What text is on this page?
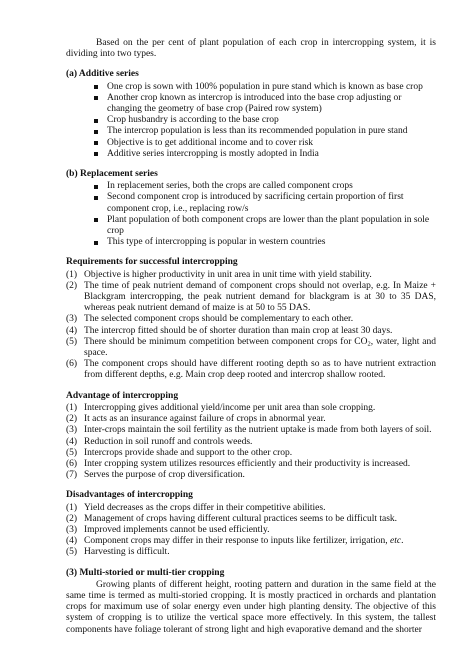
Based on the per cent of plant population of each crop in intercropping system, it is dividing into two types.

(a) Additive series
One crop is sown with 100% population in pure stand which is known as base crop
Another crop known as intercrop is introduced into the base crop adjusting or changing the geometry of base crop (Paired row system)
Crop husbandry is according to the base crop
The intercrop population is less than its recommended population in pure stand
Objective is to get additional income and to cover risk
Additive series intercropping is mostly adopted in India
(b) Replacement series
In replacement series, both the crops are called component crops
Second component crop is introduced by sacrificing certain proportion of first component crop, i.e., replacing row/s
Plant population of both component crops are lower than the plant population in sole crop
This type of intercropping is popular in western countries
Requirements for successful intercropping
(1) Objective is higher productivity in unit area in unit time with yield stability.
(2) The time of peak nutrient demand of component crops should not overlap, e.g. In Maize + Blackgram intercropping, the peak nutrient demand for blackgram is at 30 to 35 DAS, whereas peak nutrient demand of maize is at 50 to 55 DAS.
(3) The selected component crops should be complementary to each other.
(4) The intercrop fitted should be of shorter duration than main crop at least 30 days.
(5) There should be minimum competition between component crops for $CO_2$, water, light and space.
(6) The component crops should have different rooting depth so as to have nutrient extraction from different depths, e.g. Main crop deep rooted and intercrop shallow rooted.
Advantage of intercropping
(1) Intercropping gives additional yield/income per unit area than sole cropping.
(2) It acts as an insurance against failure of crops in abnormal year.
(3) Inter-crops maintain the soil fertility as the nutrient uptake is made from both layers of soil.
(4) Reduction in soil runoff and controls weeds.
(5) Intercrops provide shade and support to the other crop.
(6) Inter cropping system utilizes resources efficiently and their productivity is increased.
(7) Serves the purpose of crop diversification.
Disadvantages of intercropping
(1) Yield decreases as the crops differ in their competitive abilities.
(2) Management of crops having different cultural practices seems to be difficult task.
(3) Improved implements cannot be used efficiently.
(4) Component crops may differ in their response to inputs like fertilizer, irrigation, etc.
(5) Harvesting is difficult.
(3) Multi-storied or multi-tier cropping

Growing plants of different height, rooting pattern and duration in the same field at the same time is termed as multi-storied cropping. It is mostly practiced in orchards and plantation crops for maximum use of solar energy even under high planting density. The objective of this system of cropping is to utilize the vertical space more effectively. In this system, the tallest components have foliage tolerant of strong light and high evaporative demand and the shorter
